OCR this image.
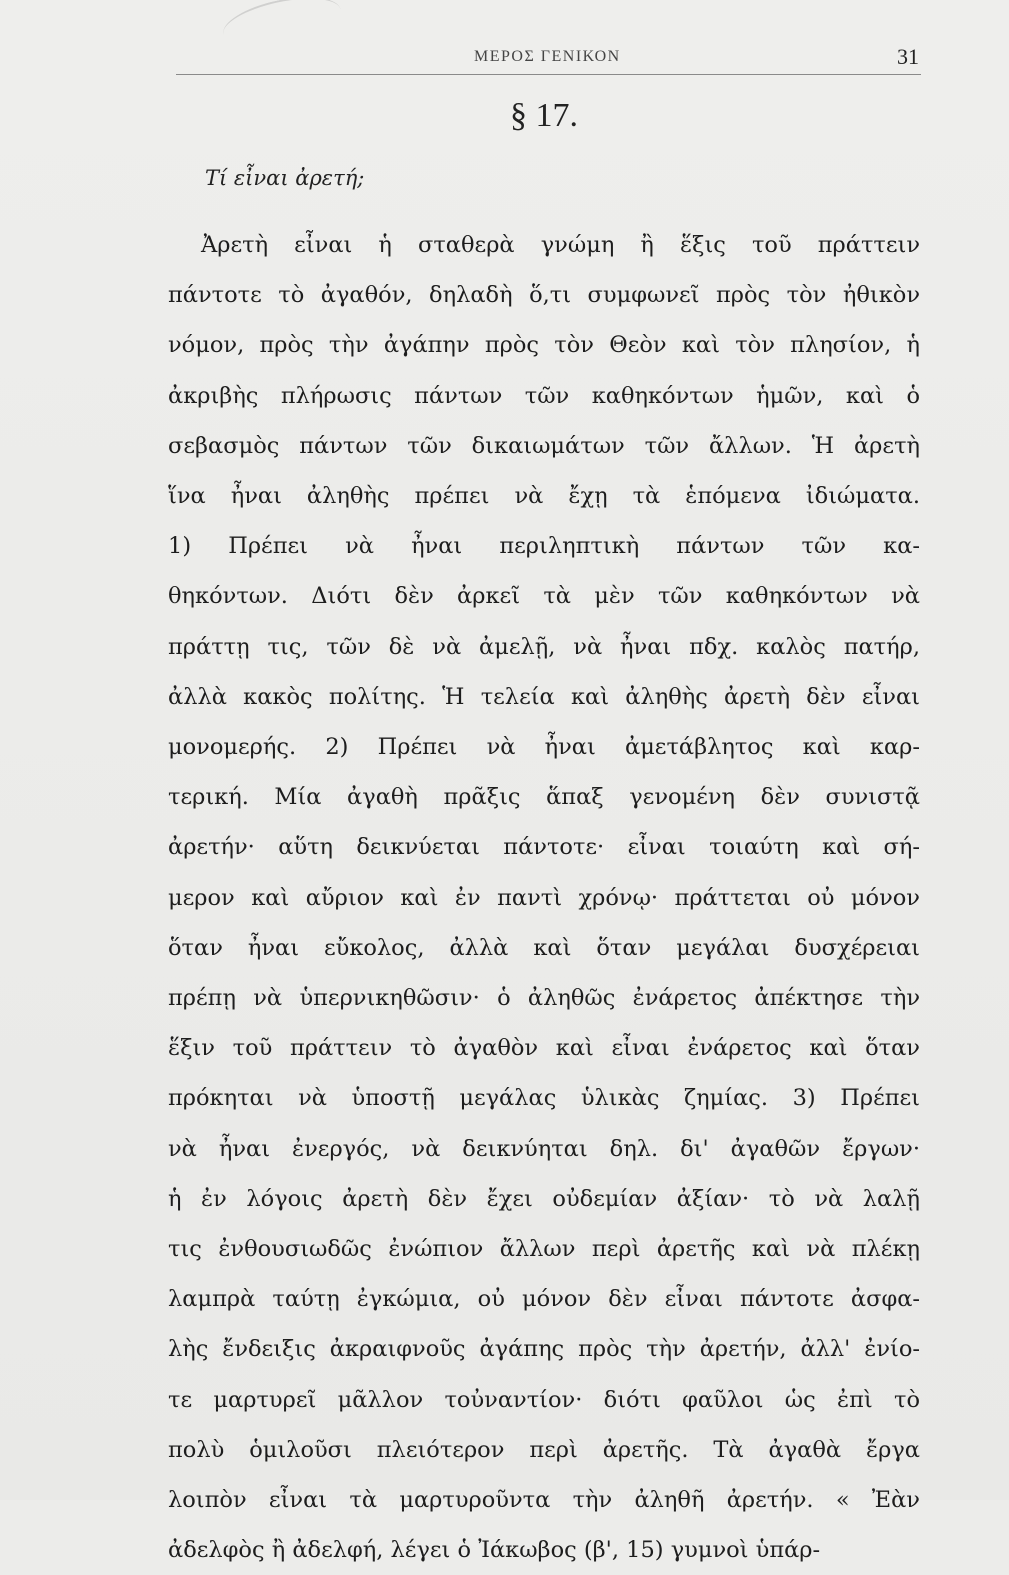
ΜΕΡΟΣ ΓΕΝΙΚΟΝ	31
§ 17.
Τί εἶναι ἀρετή;
Ἀρετὴ εἶναι ἡ σταθερὰ γνώμη ἢ ἕξις τοῦ πράττειν
πάντοτε τὸ ἀγαθόν, δηλαδὴ ὅ,τι συμφωνεῖ πρὸς τὸν ἠθικὸν
νόμον, πρὸς τὴν ἀγάπην πρὸς τὸν Θεὸν καὶ τὸν πλησίον, ἡ
ἀκριβὴς πλήρωσις πάντων τῶν καθηκόντων ἡμῶν, καὶ ὁ
σεβασμὸς πάντων τῶν δικαιωμάτων τῶν ἄλλων. Ἡ ἀρετὴ
ἵνα ἦναι ἀληθὴς πρέπει νὰ ἔχῃ τὰ ἑπόμενα ἰδιώματα.
1) Πρέπει νὰ ἦναι περιληπτικὴ πάντων τῶν κα-
θηκόντων. Διότι δὲν ἀρκεῖ τὰ μὲν τῶν καθηκόντων νὰ
πράττῃ τις, τῶν δὲ νὰ ἀμελῇ, νὰ ἦναι πδχ. καλὸς πατήρ,
ἀλλὰ κακὸς πολίτης. Ἡ τελεία καὶ ἀληθὴς ἀρετὴ δὲν εἶναι
μονομερής. 2) Πρέπει νὰ ἦναι ἀμετάβλητος καὶ καρ-
τερική. Μία ἀγαθὴ πρᾶξις ἅπαξ γενομένη δὲν συνιστᾷ
ἀρετήν· αὕτη δεικνύεται πάντοτε· εἶναι τοιαύτη καὶ σή-
μερον καὶ αὔριον καὶ ἐν παντὶ χρόνῳ· πράττεται οὐ μόνον
ὅταν ἦναι εὔκολος, ἀλλὰ καὶ ὅταν μεγάλαι δυσχέρειαι
πρέπῃ νὰ ὑπερνικηθῶσιν· ὁ ἀληθῶς ἐνάρετος ἀπέκτησε τὴν
ἕξιν τοῦ πράττειν τὸ ἀγαθὸν καὶ εἶναι ἐνάρετος καὶ ὅταν
πρόκηται νὰ ὑποστῇ μεγάλας ὑλικὰς ζημίας. 3) Πρέπει
νὰ ἦναι ἐνεργός, νὰ δεικνύηται δηλ. δι' ἀγαθῶν ἔργων·
ἡ ἐν λόγοις ἀρετὴ δὲν ἔχει οὐδεμίαν ἀξίαν· τὸ νὰ λαλῇ
τις ἐνθουσιωδῶς ἐνώπιον ἄλλων περὶ ἀρετῆς καὶ νὰ πλέκῃ
λαμπρὰ ταύτῃ ἐγκώμια, οὐ μόνον δὲν εἶναι πάντοτε ἀσφα-
λὴς ἔνδειξις ἀκραιφνοῦς ἀγάπης πρὸς τὴν ἀρετήν, ἀλλ' ἐνίο-
τε μαρτυρεῖ μᾶλλον τοὐναντίον· διότι φαῦλοι ὡς ἐπὶ τὸ
πολὺ ὁμιλοῦσι πλειότερον περὶ ἀρετῆς. Τὰ ἀγαθὰ ἔργα
λοιπὸν εἶναι τὰ μαρτυροῦντα τὴν ἀληθῆ ἀρετήν. « Ἐὰν
ἀδελφὸς ἢ ἀδελφή, λέγει ὁ Ἰάκωβος (β', 15) γυμνοὶ ὑπάρ-
